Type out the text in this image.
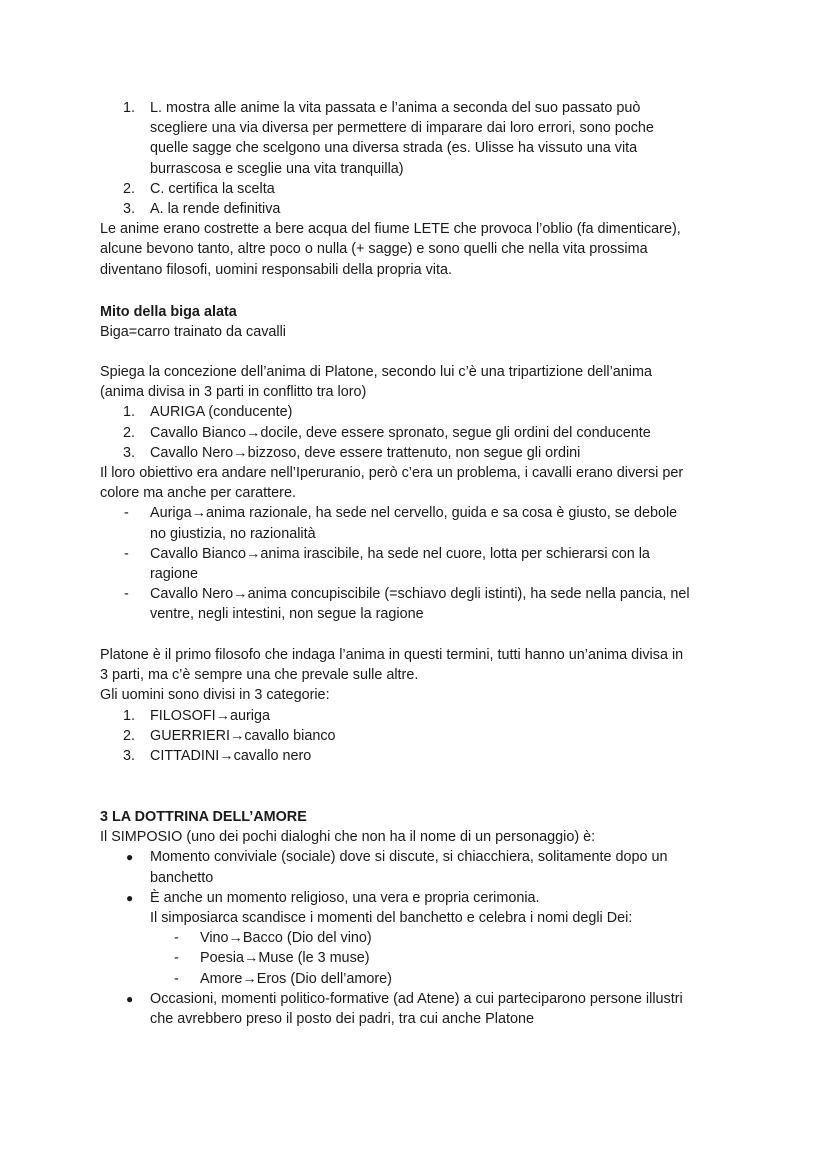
1. L. mostra alle anime la vita passata e l’anima a seconda del suo passato può
scegliere una via diversa per permettere di imparare dai loro errori, sono poche
quelle sagge che scelgono una diversa strada (es. Ulisse ha vissuto una vita
burrascosa e sceglie una vita tranquilla)
2. C. certifica la scelta
3. A. la rende definitiva
Le anime erano costrette a bere acqua del fiume LETE che provoca l’oblio (fa dimenticare),
alcune bevono tanto, altre poco o nulla (+ sagge) e sono quelli che nella vita prossima
diventano filosofi, uomini responsabili della propria vita.
Mito della biga alata
Biga=carro trainato da cavalli
Spiega la concezione dell’anima di Platone, secondo lui c’è una tripartizione dell’anima
(anima divisa in 3 parti in conflitto tra loro)
1. AURIGA (conducente)
2. Cavallo Bianco→docile, deve essere spronato, segue gli ordini del conducente
3. Cavallo Nero→bizzoso, deve essere trattenuto, non segue gli ordini
Il loro obiettivo era andare nell’Iperuranio, però c’era un problema, i cavalli erano diversi per
colore ma anche per carattere.
- Auriga→anima razionale, ha sede nel cervello, guida e sa cosa è giusto, se debole
no giustizia, no razionalità
- Cavallo Bianco→anima irascibile, ha sede nel cuore, lotta per schierarsi con la
ragione
- Cavallo Nero→anima concupiscibile (=schiavo degli istinti), ha sede nella pancia, nel
ventre, negli intestini, non segue la ragione
Platone è il primo filosofo che indaga l’anima in questi termini, tutti hanno un’anima divisa in
3 parti, ma c’è sempre una che prevale sulle altre.
Gli uomini sono divisi in 3 categorie:
1. FILOSOFI→auriga
2. GUERRIERI→cavallo bianco
3. CITTADINI→cavallo nero
3 LA DOTTRINA DELL’AMORE
Il SIMPOSIO (uno dei pochi dialoghi che non ha il nome di un personaggio) è:
● Momento conviviale (sociale) dove si discute, si chiacchiera, solitamente dopo un
banchetto
● È anche un momento religioso, una vera e propria cerimonia.
Il simposiarca scandisce i momenti del banchetto e celebra i nomi degli Dei:
- Vino→Bacco (Dio del vino)
- Poesia→Muse (le 3 muse)
- Amore→Eros (Dio dell’amore)
● Occasioni, momenti politico-formative (ad Atene) a cui parteciparono persone illustri
che avrebbero preso il posto dei padri, tra cui anche Platone
